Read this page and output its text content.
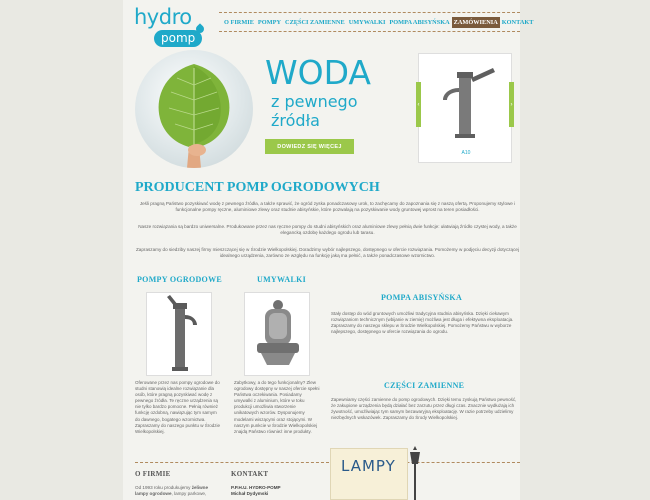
hydro
pomp
O FIRMIE POMPY CZĘŚCI ZAMIENNE UMYWALKI POMPA ABISYŃSKA ZAMÓWIENIA KONTAKT
WODA
z pewnego
źródła
DOWIEDZ SIĘ WIĘCEJ
A10
‹	›
PRODUCENT POMP OGRODOWYCH

Jeśli pragną Państwo pozyskiwać wodę z pewnego źródła, a także sprawić, że ogród zyska ponadczasowy urok, to zachęcamy do zapoznania się z naszą ofertą. Proponujemy stylowe i funkcjonalne pompy ręczne, aluminiowe zlewy oraz studnie abisyńskie, które pozwalają na pozyskiwanie wody gruntowej wprost na teren posiadłości.

Nasze rozwiązania są bardzo uniwersalne. Produkowane przez nas ręczne pompy do studni abisyńskich oraz aluminiowe zlewy pełnią dwie funkcje: ułatwiają źródło czystej wody, a także elegancką ozdobę każdego ogrodu lub tarasu.

Zapraszamy do siedziby naszej firmy mieszczącej się w Środzie Wielkopolskiej. Doradzimy wybór najlepszego, dostępnego w ofercie rozwiązania. Pomożemy w podjęciu decyzji dotyczącej idealnego urządzenia, zarówno ze względu na funkcję jaką ma pełnić, a także ponadczasowe wzornictwo.

POMPY OGRODOWE
Oferowane przez nas pompy ogrodowe do studni stanowią idealne rozwiązanie dla osób, które pragną pozyskiwać wodę z pewnego źródła. Te ręczne urządzenia są nie tylko bardzo pomocne. Pełnią również funkcję ozdobną, nawiązując tym samym do dawnego, bogatego wzornictwa. Zapraszamy do naszego punktu w Środzie Wielkopolskiej.
UMYWALKI
Zabytkowy, a do tego funkcjonalny? Zlew ogrodowy dostępny w naszej ofercie spełni Państwa oczekiwania. Posiadamy umywalki z aluminium, które w toku produkcji umożliwia stworzenie unikatowych wzorów. Dysponujemy modelami wiszącymi oraz stojącymi. W naszym punkcie w Środzie Wielkopolskiej znajdą Państwo również inne produkty.
POMPA ABISYŃSKA
Stały dostęp do wód gruntowych umożliwi tradycyjna studnia abisyńska. Dzięki ciekawym rozwiązaniom technicznym (wbijanie w ziemię) możliwa jest długa i efektywna eksploatacja. Zapraszamy do naszego sklepu w Środzie Wielkopolskiej. Pomożemy Państwu w wyborze najlepszego, dostępnego w ofercie rozwiązania do ogrodu.
CZĘŚCI ZAMIENNE
Zapewniamy części zamienne do pomp ogrodowych. Dzięki temu zyskują Państwo pewność, że zakupione urządzenia będą działać bez zarzutu przez długi czas. Znacznie wydłużają ich żywotność, umożliwiając tym samym bezawaryjną eksploatację. W razie potrzeby udzielimy niezbędnych wskazówek. Zapraszamy do Środy Wielkopolskiej.
O FIRMIE
Od 1993 roku produkujemy żeliwne lampy ogrodowe, lampy parkowe,
KONTAKT
P.P.H.U. HYDRO-POMP
Michał Dydymski
LAMPY
